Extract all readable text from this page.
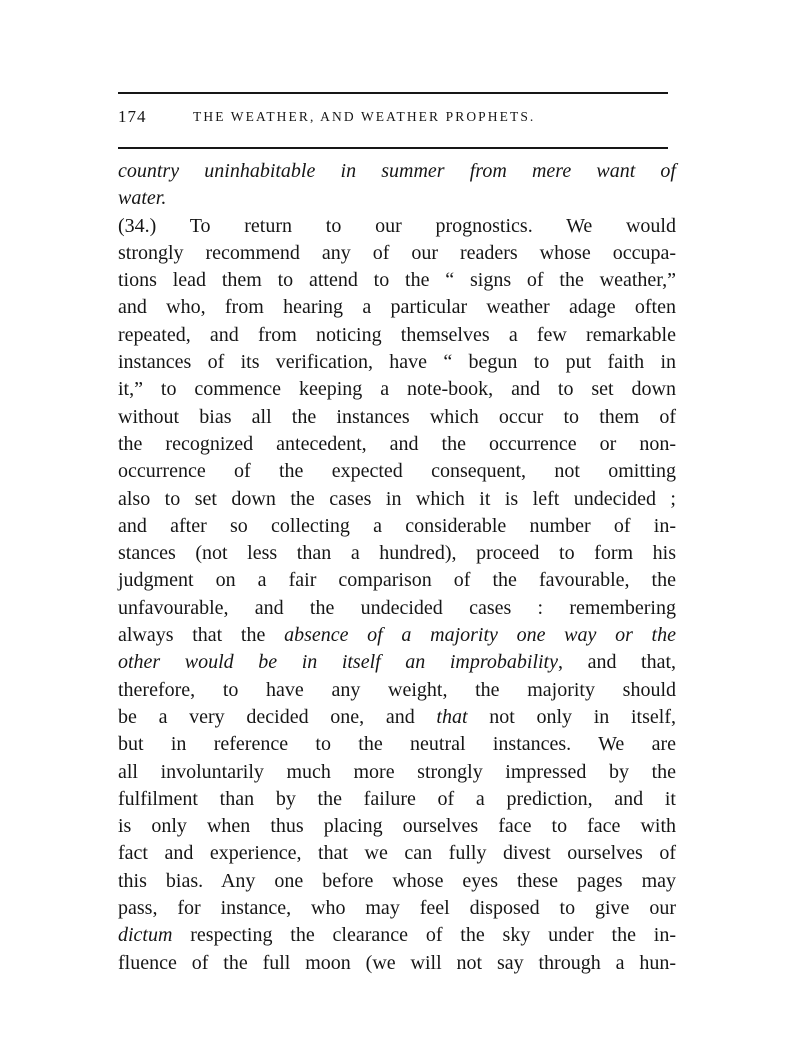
174	THE WEATHER, AND WEATHER PROPHETS.
country uninhabitable in summer from mere want of
water.
(34.) To return to our prognostics. We would
strongly recommend any of our readers whose occupa-
tions lead them to attend to the “ signs of the weather,”
and who, from hearing a particular weather adage often
repeated, and from noticing themselves a few remarkable
instances of its verification, have “ begun to put faith in
it,” to commence keeping a note-book, and to set down
without bias all the instances which occur to them of
the recognized antecedent, and the occurrence or non-
occurrence of the expected consequent, not omitting
also to set down the cases in which it is left undecided ;
and after so collecting a considerable number of in-
stances (not less than a hundred), proceed to form his
judgment on a fair comparison of the favourable, the
unfavourable, and the undecided cases : remembering
always that the absence of a majority one way or the
other would be in itself an improbability, and that,
therefore, to have any weight, the majority should
be a very decided one, and that not only in itself,
but in reference to the neutral instances. We are
all involuntarily much more strongly impressed by the
fulfilment than by the failure of a prediction, and it
is only when thus placing ourselves face to face with
fact and experience, that we can fully divest ourselves of
this bias. Any one before whose eyes these pages may
pass, for instance, who may feel disposed to give our
dictum respecting the clearance of the sky under the in-
fluence of the full moon (we will not say through a hun-
